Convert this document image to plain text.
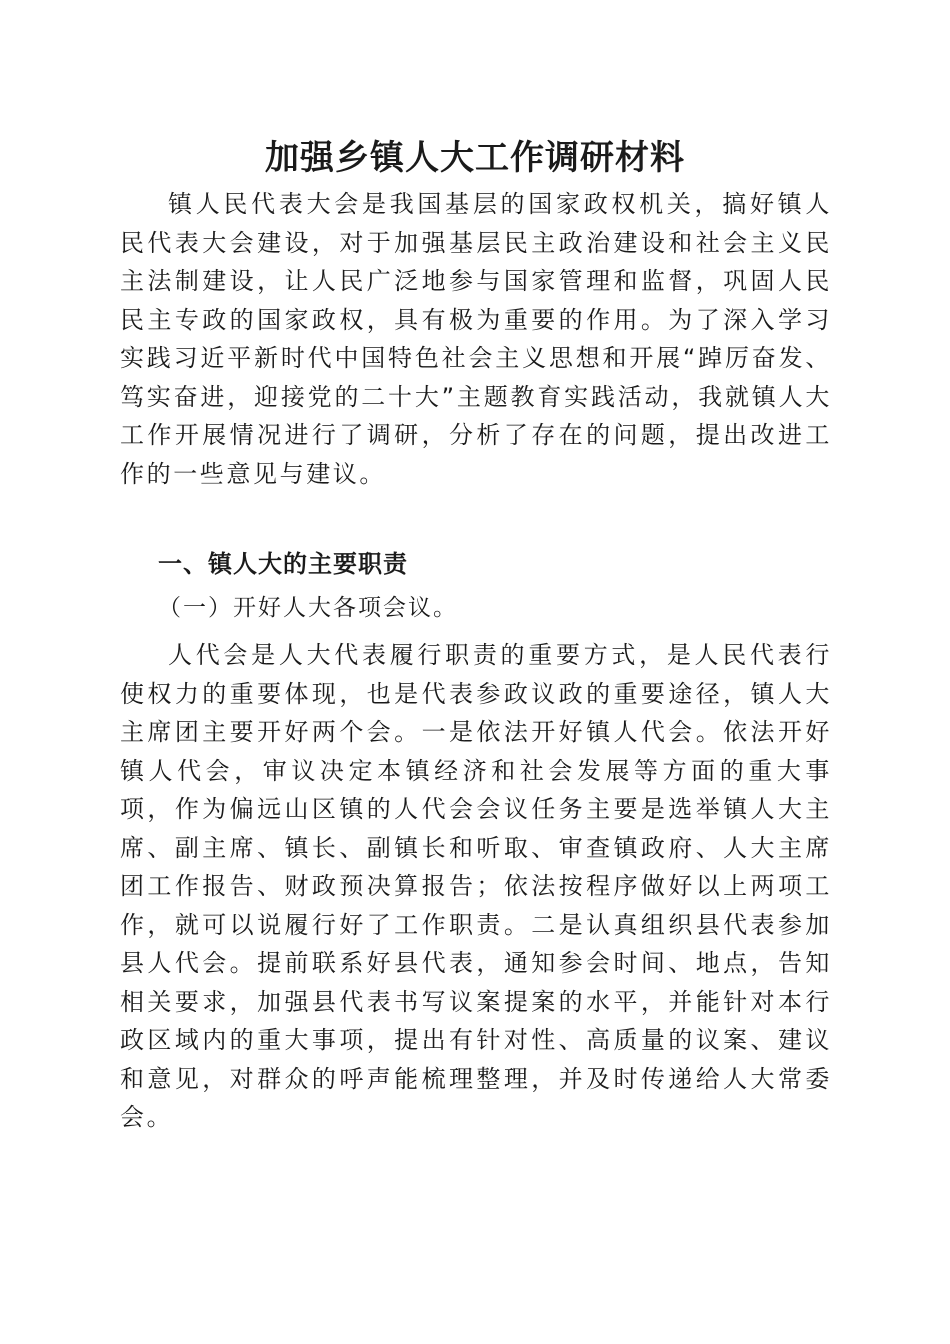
加强乡镇人大工作调研材料

镇人民代表大会是我国基层的国家政权机关，搞好镇人民代表大会建设，对于加强基层民主政治建设和社会主义民主法制建设，让人民广泛地参与国家管理和监督，巩固人民民主专政的国家政权，具有极为重要的作用。为了深入学习实践习近平新时代中国特色社会主义思想和开展“踔厉奋发、笃实奋进，迎接党的二十大”主题教育实践活动，我就镇人大工作开展情况进行了调研，分析了存在的问题，提出改进工作的一些意见与建议。

一、镇人大的主要职责
（一）开好人大各项会议。

人代会是人大代表履行职责的重要方式，是人民代表行使权力的重要体现，也是代表参政议政的重要途径，镇人大主席团主要开好两个会。一是依法开好镇人代会。依法开好镇人代会，审议决定本镇经济和社会发展等方面的重大事项，作为偏远山区镇的人代会会议任务主要是选举镇人大主席、副主席、镇长、副镇长和听取、审查镇政府、人大主席团工作报告、财政预决算报告；依法按程序做好以上两项工作，就可以说履行好了工作职责。二是认真组织县代表参加县人代会。提前联系好县代表，通知参会时间、地点，告知相关要求，加强县代表书写议案提案的水平，并能针对本行政区域内的重大事项，提出有针对性、高质量的议案、建议和意见，对群众的呼声能梳理整理，并及时传递给人大常委会。
